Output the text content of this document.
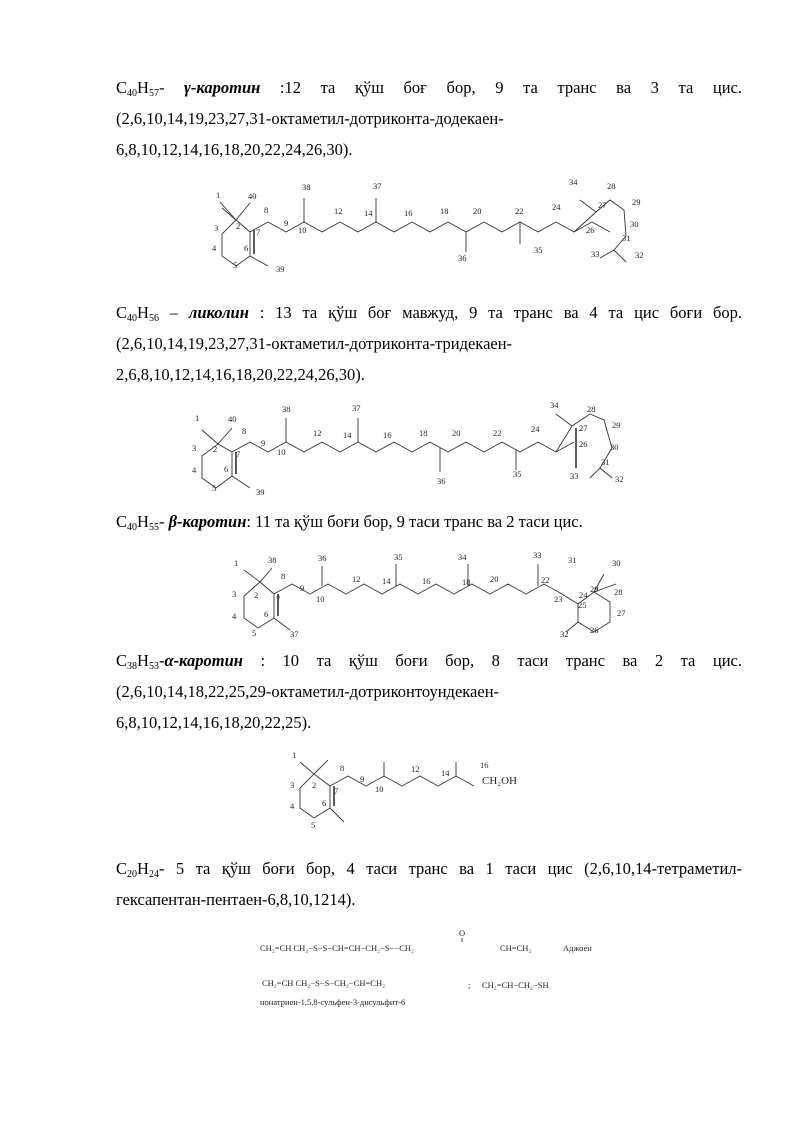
$C_{40}H_{57}-$ γ-каротин :12 та қўш боғ бор, 9 та транс ва 3 та цис.
(2,6,10,14,19,23,27,31-октаметил-дотриконта-додекаен-
6,8,10,12,14,16,18,20,22,24,26,30).
1	40
2
3
4
5
6
7
8
9
10
38
12	14
37
16	18	20	22	24
34	28
29
27
26
30
31
32
33
36
35
39
$C_{40}H_{56}$ – ликолин : 13 та қўш боғ мавжуд, 9 та транс ва 4 та цис боғи бор.
(2,6,10,14,19,23,27,31-октаметил-дотриконта-тридекаен-
2,6,8,10,12,14,16,18,20,22,24,26,30).
1	40
2
3
4
5
6
7
8
9
10
38
12	14
37
16	18	20	22	24
34	28
27
26
29
30
31
32
33
36
35
39
$C_{40}H_{55}-$ β-каротин: 11 та қўш боғи бор, 9 таси транс ва 2 таси цис.
1	38
8
2
3
4
5
6
7
37
9
10
36
12	14
35
16	18
34
20	22
33
23
31	30
24
29
25
28
27
26
32
$C_{38}H_{53}-\alpha$-каротин : 10 та қўш боғи бор, 8 таси транс ва 2 та цис.
(2,6,10,14,18,22,25,29-октаметил-дотриконтоундекаен-
6,8,10,12,14,16,18,20,22,25).
1
2
3
4
5
6
7
8
9
10
12	14
16
CH₂OH
$C_{20}H_{24}-$ 5 та қўш боғи бор, 4 таси транс ва 1 таси цис (2,6,10,14-тетраметил-
гексапентан-пентаен-6,8,10,1214).
O
CH₂=CH CH₂−S−S−CH=CH−CH₂−S−−CH₂	CH=CH₂	Аджоен
CH₂=CH CH₂−S−S−CH₂−CH=CH₂	; CH₂=CH−CH₂−SH
нонатриен-1,5,8-сульфен-3-дисульфит-6
